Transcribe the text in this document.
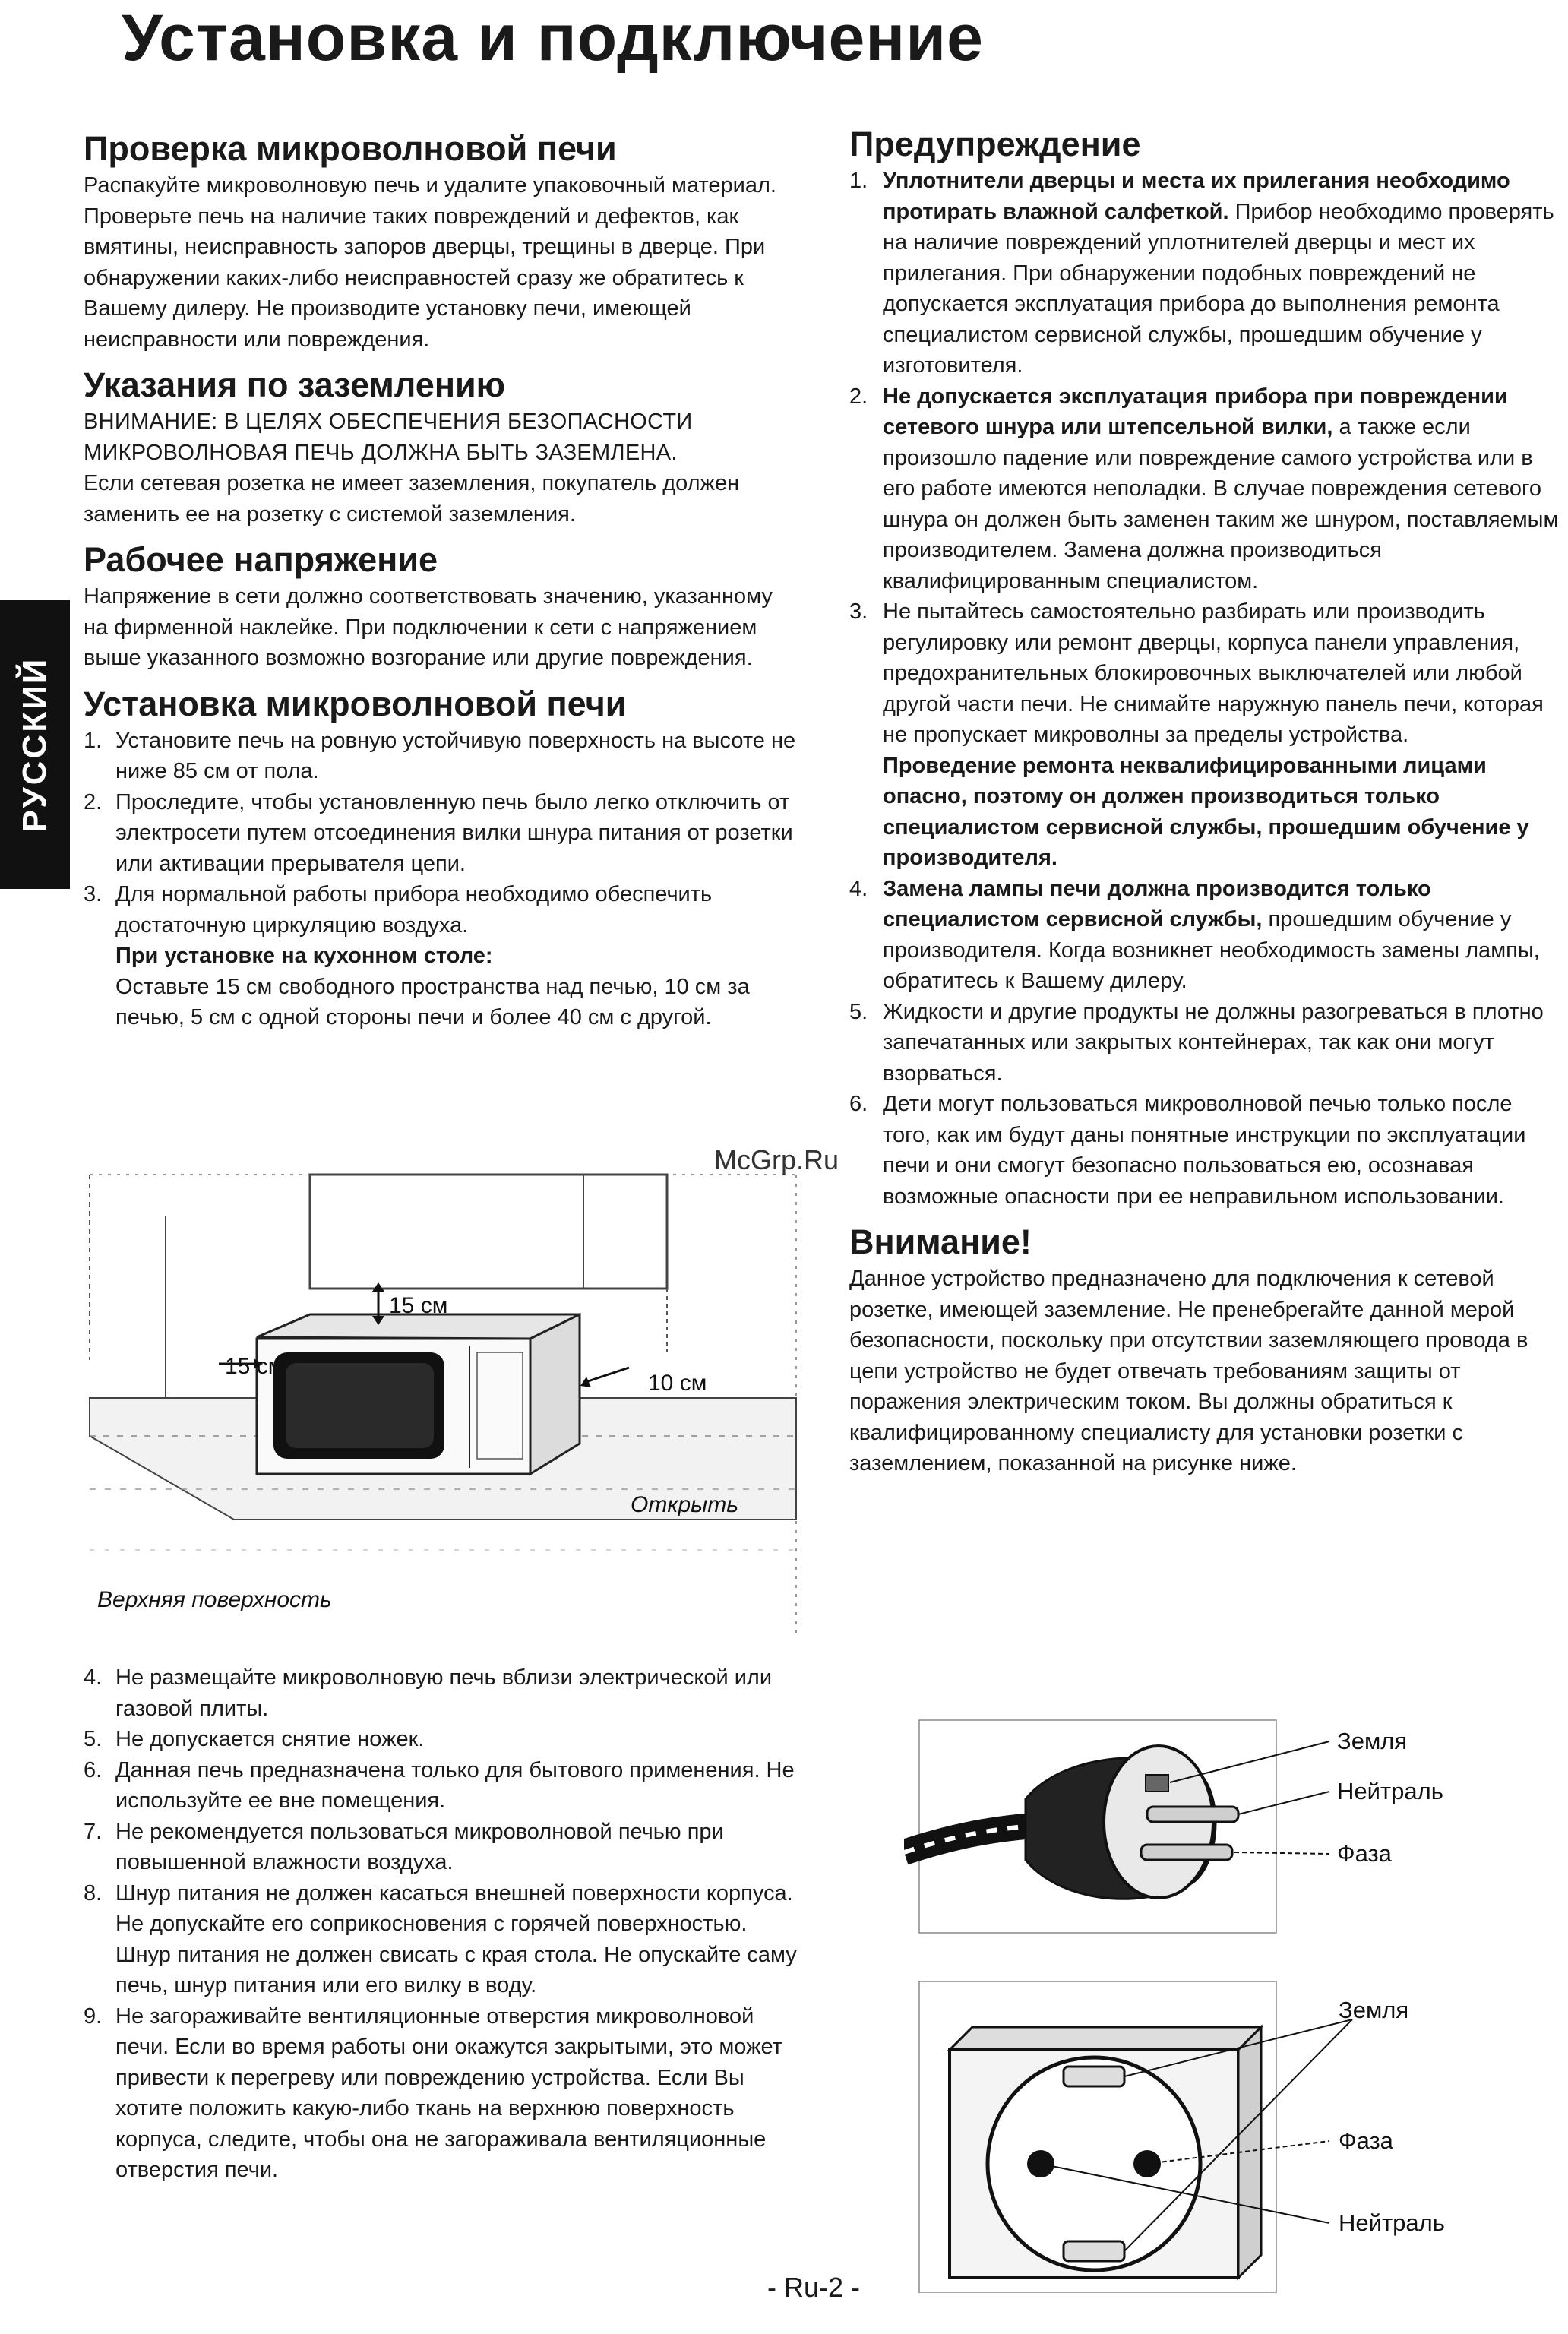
Установка и подключение
РУССКИЙ
Проверка микроволновой печи

Распакуйте микроволновую печь и удалите упаковочный материал. Проверьте печь на наличие таких повреждений и дефектов, как вмятины, неисправность запоров дверцы, трещины в дверце. При обнаружении каких-либо неисправностей сразу же обратитесь к Вашему дилеру. Не производите установку печи, имеющей неисправности или повреждения.

Указания по заземлению

ВНИМАНИЕ: В ЦЕЛЯХ ОБЕСПЕЧЕНИЯ БЕЗОПАСНОСТИ МИКРОВОЛНОВАЯ ПЕЧЬ ДОЛЖНА БЫТЬ ЗАЗЕМЛЕНА.

Если сетевая розетка не имеет заземления, покупатель должен заменить ее на розетку с системой заземления.

Рабочее напряжение

Напряжение в сети должно соответствовать значению, указанному на фирменной наклейке. При подключении к сети с напряжением выше указанного возможно возгорание или другие повреждения.

Установка микроволновой печи
1. Установите печь на ровную устойчивую поверхность на высоте не ниже 85 см от пола.
2. Проследите, чтобы установленную печь было легко отключить от электросети путем отсоединения вилки шнура питания от розетки или активации прерывателя цепи.
3. Для нормальной работы прибора необходимо обеспечить достаточную циркуляцию воздуха.
При установке на кухонном столе:
Оставьте 15 см свободного пространства над печью, 10 см за печью, 5 см с одной стороны печи и более 40 см с другой.
15 см
15 см
10 см
Открыть
Верхняя поверхность
4. Не размещайте микроволновую печь вблизи электрической или газовой плиты.
5. Не допускается снятие ножек.
6. Данная печь предназначена только для бытового применения. Не используйте ее вне помещения.
7. Не рекомендуется пользоваться микроволновой печью при повышенной влажности воздуха.
8. Шнур питания не должен касаться внешней поверхности корпуса. Не допускайте его соприкосновения с горячей поверхностью. Шнур питания не должен свисать с края стола. Не опускайте саму печь, шнур питания или его вилку в воду.
9. Не загораживайте вентиляционные отверстия микроволновой печи. Если во время работы они окажутся закрытыми, это может привести к перегреву или повреждению устройства. Если Вы хотите положить какую-либо ткань на верхнюю поверхность корпуса, следите, чтобы она не загораживала вентиляционные отверстия печи.
Предупреждение
1. Уплотнители дверцы и места их прилегания необходимо протирать влажной салфеткой. Прибор необходимо проверять на наличие повреждений уплотнителей дверцы и мест их прилегания. При обнаружении подобных повреждений не допускается эксплуатация прибора до выполнения ремонта специалистом сервисной службы, прошедшим обучение у изготовителя.
2. Не допускается эксплуатация прибора при повреждении сетевого шнура или штепсельной вилки, а также если произошло падение или повреждение самого устройства или в его работе имеются неполадки. В случае повреждения сетевого шнура он должен быть заменен таким же шнуром, поставляемым производителем. Замена должна производиться квалифицированным специалистом.
3. Не пытайтесь самостоятельно разбирать или производить регулировку или ремонт дверцы, корпуса панели управления, предохранительных блокировочных выключателей или любой другой части печи. Не снимайте наружную панель печи, которая не пропускает микроволны за пределы устройства.
Проведение ремонта неквалифицированными лицами опасно, поэтому он должен производиться только специалистом сервисной службы, прошедшим обучение у производителя.
4. Замена лампы печи должна производится только специалистом сервисной службы, прошедшим обучение у производителя. Когда возникнет необходимость замены лампы, обратитесь к Вашему дилеру.
5. Жидкости и другие продукты не должны разогреваться в плотно запечатанных или закрытых контейнерах, так как они могут взорваться.
6. Дети могут пользоваться микроволновой печью только после того, как им будут даны понятные инструкции по эксплуатации печи и они смогут безопасно пользоваться ею, осознавая возможные опасности при ее неправильном использовании.
Внимание!

Данное устройство предназначено для подключения к сетевой розетке, имеющей заземление. Не пренебрегайте данной мерой безопасности, поскольку при отсутствии заземляющего провода в цепи устройство не будет отвечать требованиям защиты от поражения электрическим током. Вы должны обратиться к квалифицированному специалисту для установки розетки с заземлением, показанной на рисунке ниже.

Земля
Нейтраль
Фаза
Земля
Фаза
Нейтраль
McGrp.Ru
- Ru-2 -
